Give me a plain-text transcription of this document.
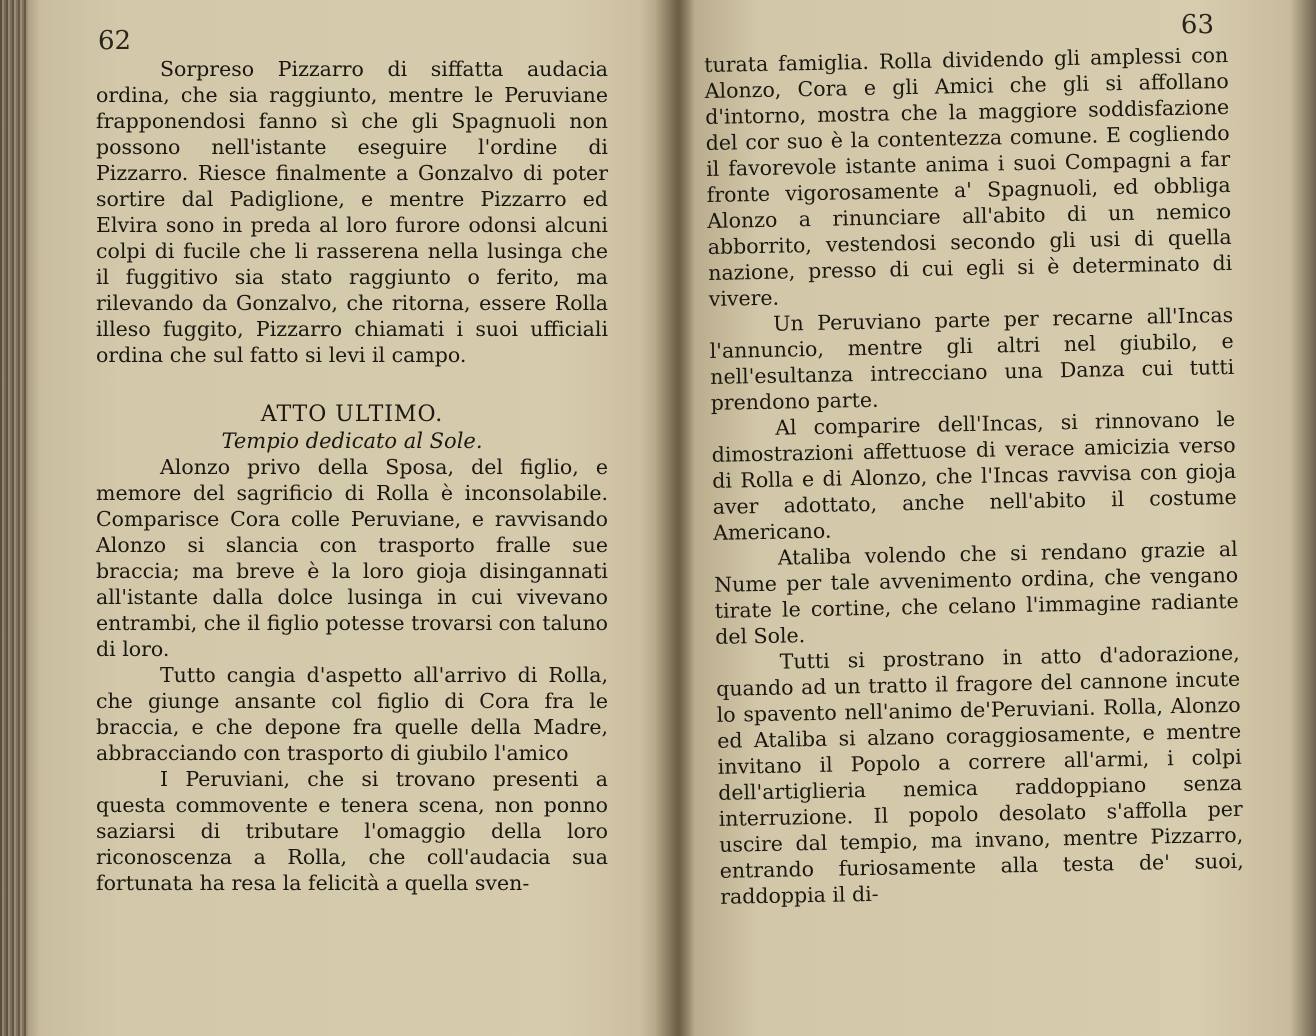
62

Sorpreso Pizzarro di siffatta audacia ordina, che sia raggiunto, mentre le Peruviane frapponendosi fanno sì che gli Spagnuoli non possono nell'istante eseguire l'ordine di Pizzarro. Riesce finalmente a Gonzalvo di poter sortire dal Padiglione, e mentre Pizzarro ed Elvira sono in preda al loro furore odonsi alcuni colpi di fucile che li rasserena nella lusinga che il fuggitivo sia stato raggiunto o ferito, ma rilevando da Gonzalvo, che ritorna, essere Rolla illeso fuggito, Pizzarro chiamati i suoi ufficiali ordina che sul fatto si levi il campo.

ATTO ULTIMO.

Tempio dedicato al Sole.

Alonzo privo della Sposa, del figlio, e memore del sagrificio di Rolla è inconsolabile. Comparisce Cora colle Peruviane, e ravvisando Alonzo si slancia con trasporto fralle sue braccia; ma breve è la loro gioja disingannati all'istante dalla dolce lusinga in cui vivevano entrambi, che il figlio potesse trovarsi con taluno di loro.

Tutto cangia d'aspetto all'arrivo di Rolla, che giunge ansante col figlio di Cora fra le braccia, e che depone fra quelle della Madre, abbracciando con trasporto di giubilo l'amico

I Peruviani, che si trovano presenti a questa commovente e tenera scena, non ponno saziarsi di tributare l'omaggio della loro riconoscenza a Rolla, che coll'audacia sua fortunata ha resa la felicità a quella sven-

63

turata famiglia. Rolla dividendo gli amplessi con Alonzo, Cora e gli Amici che gli si affollano d'intorno, mostra che la maggiore soddisfazione del cor suo è la contentezza comune. E cogliendo il favorevole istante anima i suoi Compagni a far fronte vigorosamente a' Spagnuoli, ed obbliga Alonzo a rinunciare all'abito di un nemico abborrito, vestendosi secondo gli usi di quella nazione, presso di cui egli si è determinato di vivere.

Un Peruviano parte per recarne all'Incas l'annuncio, mentre gli altri nel giubilo, e nell'esultanza intrecciano una Danza cui tutti prendono parte.

Al comparire dell'Incas, si rinnovano le dimostrazioni affettuose di verace amicizia verso di Rolla e di Alonzo, che l'Incas ravvisa con gioja aver adottato, anche nell'abito il costume Americano.

Ataliba volendo che si rendano grazie al Nume per tale avvenimento ordina, che vengano tirate le cortine, che celano l'immagine radiante del Sole.

Tutti si prostrano in atto d'adorazione, quando ad un tratto il fragore del cannone incute lo spavento nell'animo de'Peruviani. Rolla, Alonzo ed Ataliba si alzano coraggiosamente, e mentre invitano il Popolo a correre all'armi, i colpi dell'artiglieria nemica raddoppiano senza interruzione. Il popolo desolato s'affolla per uscire dal tempio, ma invano, mentre Pizzarro, entrando furiosamente alla testa de' suoi, raddoppia il di-
